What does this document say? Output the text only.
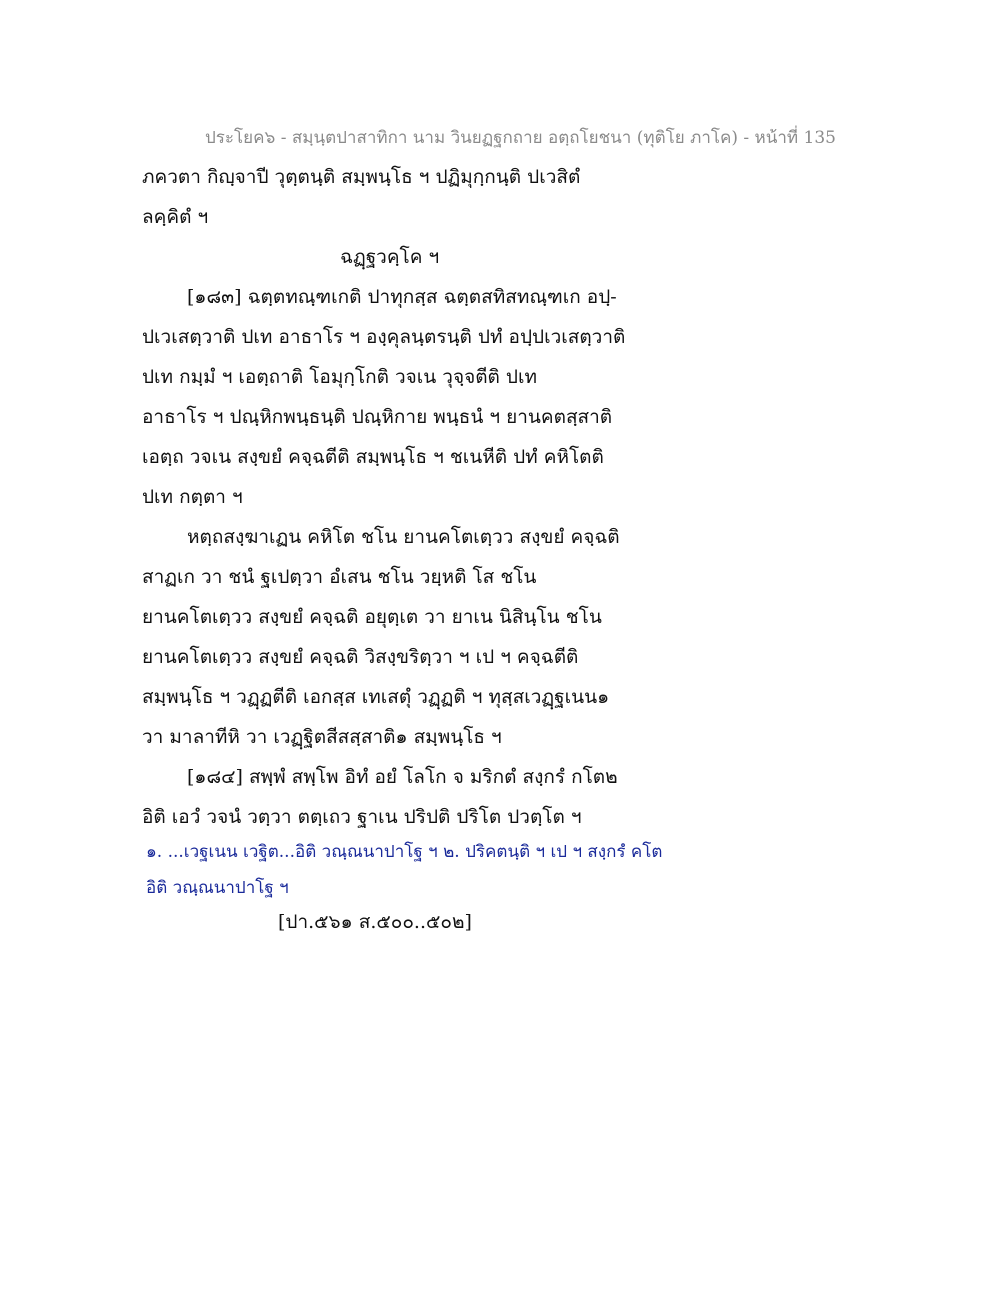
ประโยค๖ - สมฺนฺตปาสาทิกา นาม วินยฏฐกถาย อตฺถโยชนา (ทุติโย ภาโค) - หน้าที่ 135
ภควตา กิญฺจาปี วุตฺตนฺติ สมฺพนฺโธ ฯ ปฏิมุกฺกนฺติ ปเวสิตํ
ลคฺคิตํ ฯ
ฉฏฺฐวคฺโค ฯ
[๑๘๓] ฉตฺตทณฺฑเกติ ปาทุกสฺส ฉตฺตสทิสทณฺฑเก อปฺ-
ปเวเสตฺวาติ ปเท อาธาโร ฯ องฺคุลนฺตรนฺติ ปทํ อปฺปเวเสตฺวาติ
ปเท กมฺมํ ฯ เอตฺถาติ โอมุกฺโกติ วจเน วุจฺจตีติ ปเท
อาธาโร ฯ ปณฺหิกพนฺธนฺติ ปณฺหิกาย พนฺธนํ ฯ ยานคตสฺสาติ
เอตฺถ วจเน สงฺขยํ คจฺฉตีติ สมฺพนฺโธ ฯ ชเนหีติ ปทํ คหิโตติ
ปเท กตฺตา ฯ
หตฺถสงฺฆาเฏน คหิโต ชโน ยานคโตเตฺวว สงฺขยํ คจฺฉติ
สาฏเก วา ชนํ ฐเปตฺวา อํเสน ชโน วยฺหติ โส ชโน
ยานคโตเตฺวว สงฺขยํ คจฺฉติ อยุตฺเต วา ยาเน นิสินฺโน ชโน
ยานคโตเตฺวว สงฺขยํ คจฺฉติ วิสงฺขริตฺวา ฯ เป ฯ คจฺฉตีติ
สมฺพนฺโธ ฯ วฏฺฏตีติ เอกสฺส เทเสตุํ วฏฺฏติ ฯ ทุสฺสเวฏฺฐเนน๑
วา มาลาทีหิ วา เวฏฺฐิตสีสสฺสาติ๑ สมฺพนฺโธ ฯ
[๑๘๔] สพฺพํ สพฺโพ อิทํ อยํ โลโก จ มริกตํ สงฺกรํ กโต๒
อิติ เอวํ วจนํ วตฺวา ตตฺเถว ฐาเน ปริปติ ปริโต ปวตฺโต ฯ
๑. ...เวฐเนน เวฐิต...อิติ วณฺณนาปาโฐ ฯ ๒. ปริคตนฺติ ฯ เป ฯ สงฺกรํ คโต
อิติ วณฺณนาปาโฐ ฯ
[ปา.๕๖๑ ส.๕๐๐..๕๐๒]
